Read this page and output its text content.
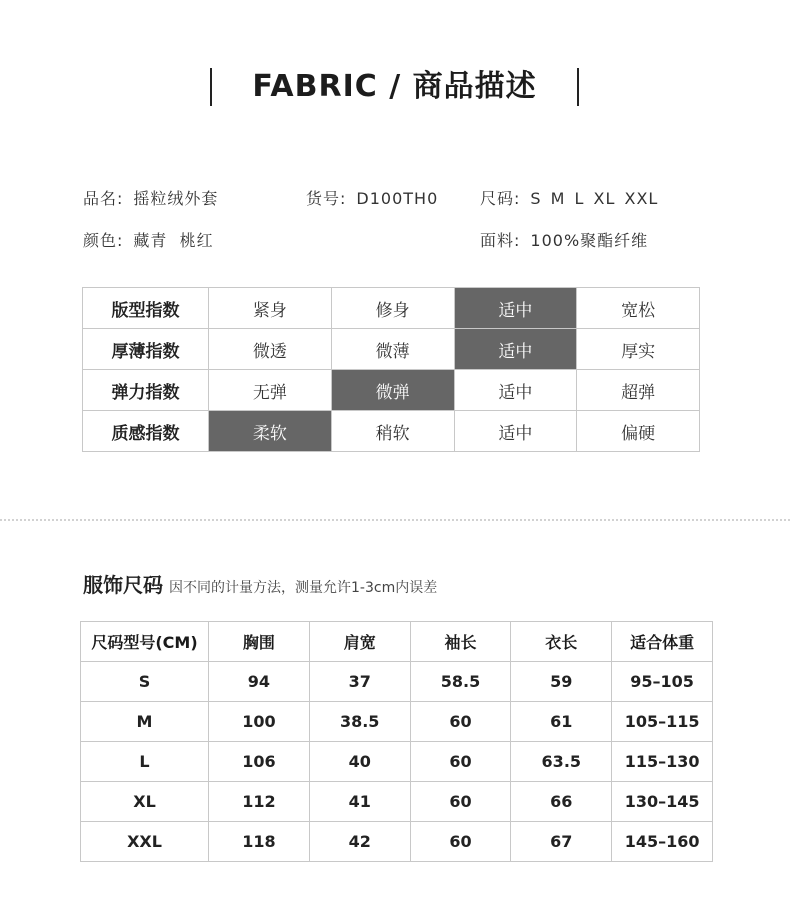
FABRIC / 商品描述
品名: 摇粒绒外套	货号: D100TH0	尺码: S M L XL XXL
颜色: 藏青  桃红	面料: 100%聚酯纤维
版型指数	紧身	修身	适中	宽松
厚薄指数	微透	微薄	适中	厚实
弹力指数	无弹	微弹	适中	超弹
质感指数	柔软	稍软	适中	偏硬
服饰尺码 因不同的计量方法，测量允许1-3cm内误差
尺码型号(CM)	胸围	肩宽	袖长	衣长	适合体重
S	94	37	58.5	59	95–105
M	100	38.5	60	61	105–115
L	106	40	60	63.5	115–130
XL	112	41	60	66	130–145
XXL	118	42	60	67	145–160
